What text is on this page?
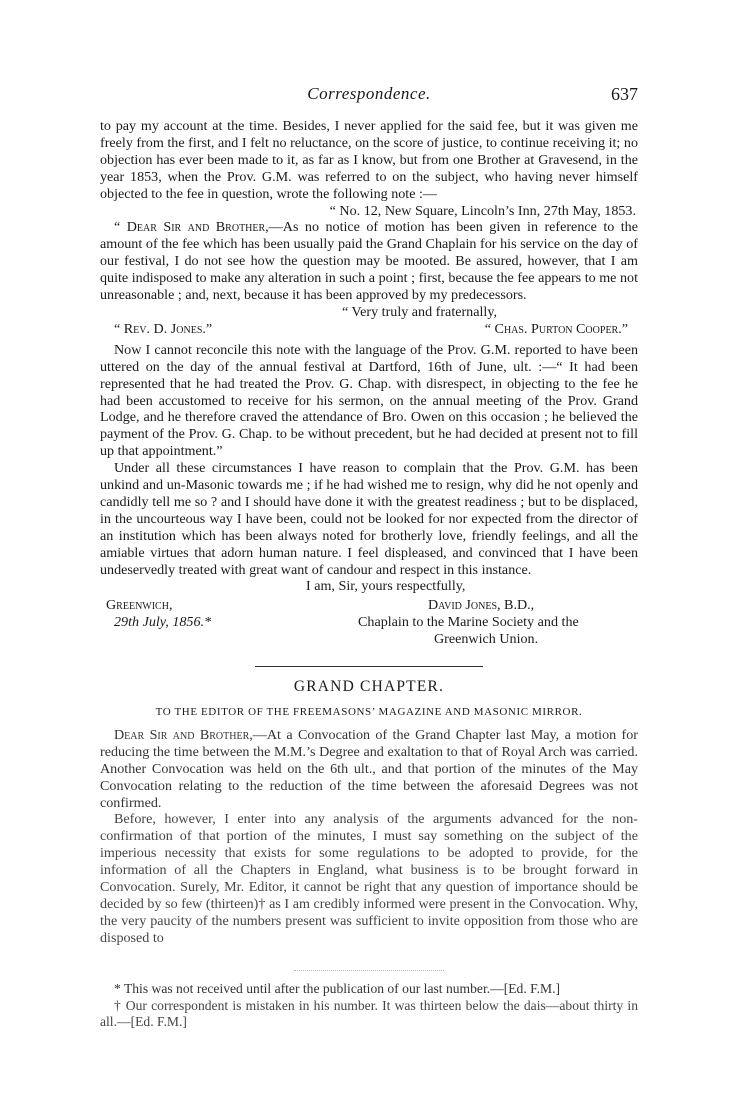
Correspondence.	637

to pay my account at the time. Besides, I never applied for the said fee, but it was given me freely from the first, and I felt no reluctance, on the score of justice, to continue receiving it; no objection has ever been made to it, as far as I know, but from one Brother at Gravesend, in the year 1853, when the Prov. G.M. was referred to on the subject, who having never himself objected to the fee in question, wrote the following note :—

“ No. 12, New Square, Lincoln’s Inn, 27th May, 1853.

“ Dear Sir and Brother,—As no notice of motion has been given in reference to the amount of the fee which has been usually paid the Grand Chaplain for his service on the day of our festival, I do not see how the question may be mooted. Be assured, however, that I am quite indisposed to make any alteration in such a point ; first, because the fee appears to me not unreasonable ; and, next, because it has been approved by my predecessors.

“ Very truly and fraternally,

“ Rev. D. Jones.”	“ Chas. Purton Cooper.”

Now I cannot reconcile this note with the language of the Prov. G.M. reported to have been uttered on the day of the annual festival at Dartford, 16th of June, ult. :—“ It had been represented that he had treated the Prov. G. Chap. with disrespect, in objecting to the fee he had been accustomed to receive for his sermon, on the annual meeting of the Prov. Grand Lodge, and he therefore craved the attendance of Bro. Owen on this occasion ; he believed the payment of the Prov. G. Chap. to be without precedent, but he had decided at present not to fill up that appointment.”

Under all these circumstances I have reason to complain that the Prov. G.M. has been unkind and un-Masonic towards me ; if he had wished me to resign, why did he not openly and candidly tell me so ? and I should have done it with the greatest readiness ; but to be displaced, in the uncourteous way I have been, could not be looked for nor expected from the director of an institution which has been always noted for brotherly love, friendly feelings, and all the amiable virtues that adorn human nature. I feel displeased, and convinced that I have been undeservedly treated with great want of candour and respect in this instance.

I am, Sir, yours respectfully,

Greenwich,	David Jones, B.D.,
29th July, 1856.*	Chaplain to the Marine Society and the
Greenwich Union.
GRAND CHAPTER.
TO THE EDITOR OF THE FREEMASONS’ MAGAZINE AND MASONIC MIRROR.

Dear Sir and Brother,—At a Convocation of the Grand Chapter last May, a motion for reducing the time between the M.M.’s Degree and exaltation to that of Royal Arch was carried. Another Convocation was held on the 6th ult., and that portion of the minutes of the May Convocation relating to the reduction of the time between the aforesaid Degrees was not confirmed.

Before, however, I enter into any analysis of the arguments advanced for the non-confirmation of that portion of the minutes, I must say something on the subject of the imperious necessity that exists for some regulations to be adopted to provide, for the information of all the Chapters in England, what business is to be brought forward in Convocation. Surely, Mr. Editor, it cannot be right that any question of importance should be decided by so few (thirteen)† as I am credibly informed were present in the Convocation. Why, the very paucity of the numbers present was sufficient to invite opposition from those who are disposed to

* This was not received until after the publication of our last number.—[Ed. F.M.]

† Our correspondent is mistaken in his number. It was thirteen below the dais—about thirty in all.—[Ed. F.M.]
